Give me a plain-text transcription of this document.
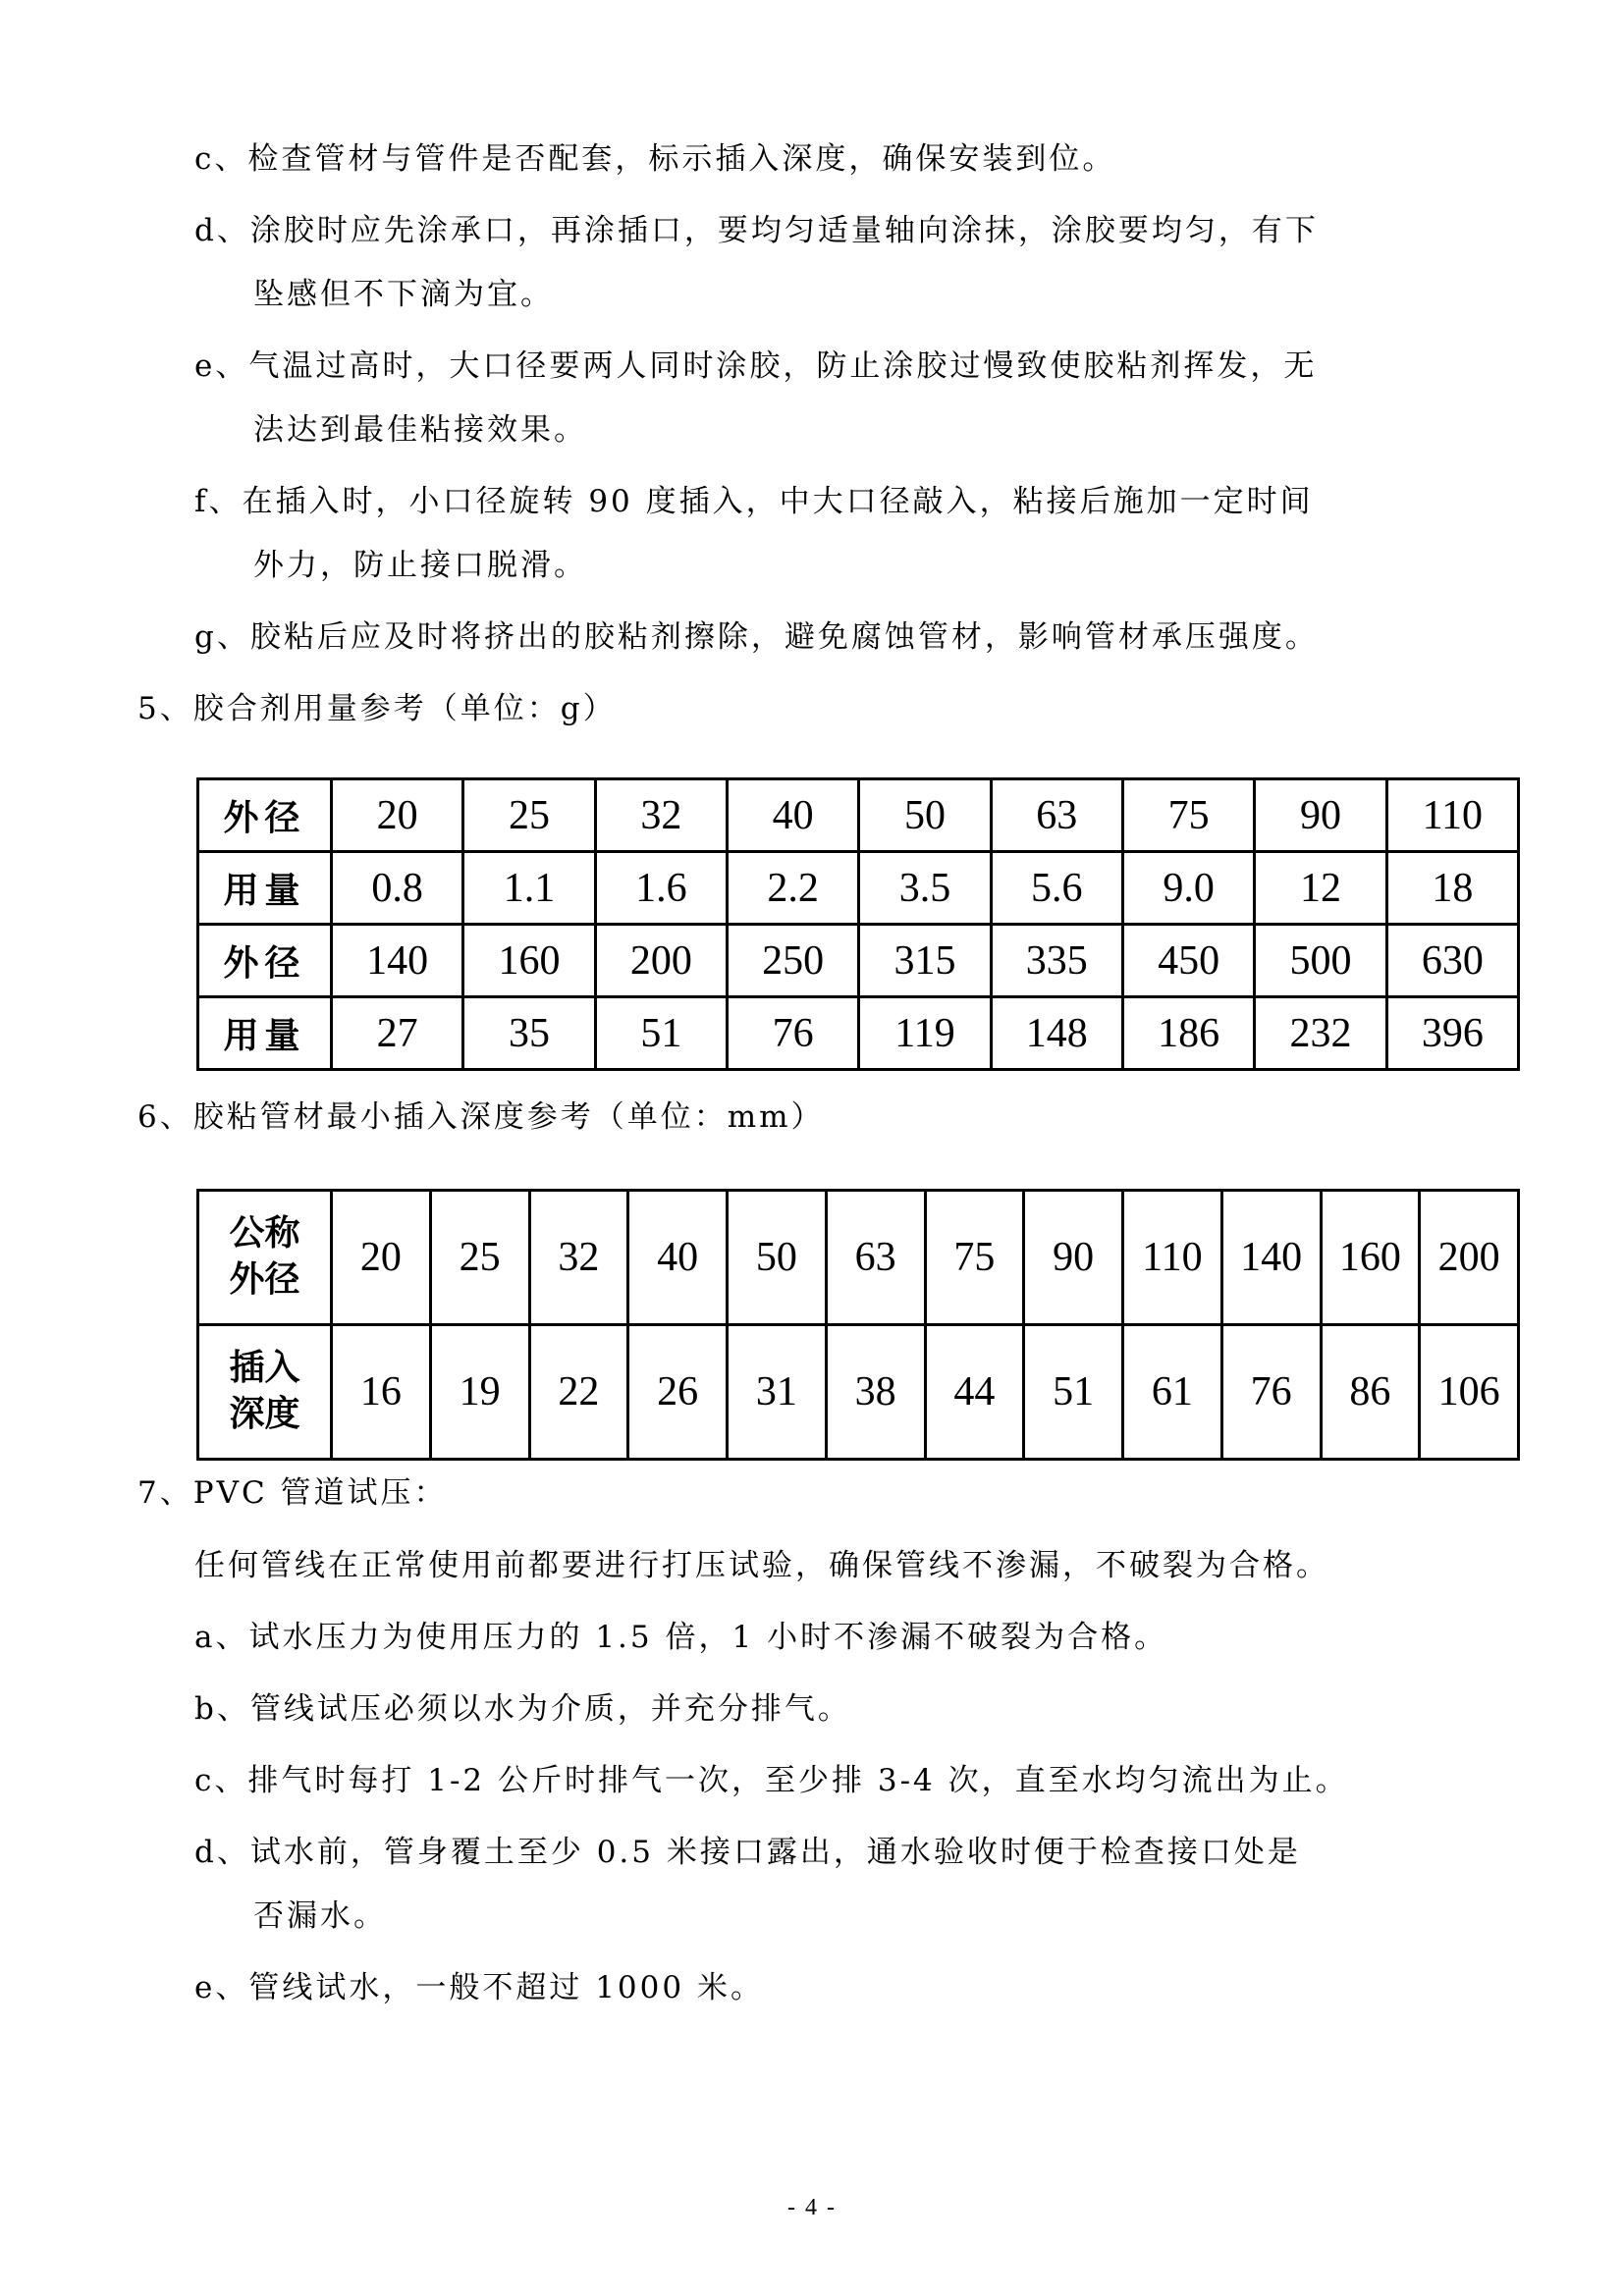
c、检查管材与管件是否配套，标示插入深度，确保安装到位。
d、涂胶时应先涂承口，再涂插口，要均匀适量轴向涂抹，涂胶要均匀，有下
坠感但不下滴为宜。
e、气温过高时，大口径要两人同时涂胶，防止涂胶过慢致使胶粘剂挥发，无
法达到最佳粘接效果。
f、在插入时，小口径旋转 90 度插入，中大口径敲入，粘接后施加一定时间
外力，防止接口脱滑。
g、胶粘后应及时将挤出的胶粘剂擦除，避免腐蚀管材，影响管材承压强度。
5、胶合剂用量参考（单位：g）
外径	20	25	32	40	50	63	75	90	110
用量	0.8	1.1	1.6	2.2	3.5	5.6	9.0	12	18
外径	140	160	200	250	315	335	450	500	630
用量	27	35	51	76	119	148	186	232	396
6、胶粘管材最小插入深度参考（单位：mm）
公称
外径	20	25	32	40	50	63	75	90	110	140	160	200

插入
深度	16	19	22	26	31	38	44	51	61	76	86	106
7、PVC 管道试压：
任何管线在正常使用前都要进行打压试验，确保管线不渗漏，不破裂为合格。
a、试水压力为使用压力的 1.5 倍，1 小时不渗漏不破裂为合格。
b、管线试压必须以水为介质，并充分排气。
c、排气时每打 1-2 公斤时排气一次，至少排 3-4 次，直至水均匀流出为止。
d、试水前，管身覆土至少 0.5 米接口露出，通水验收时便于检查接口处是
否漏水。
e、管线试水，一般不超过 1000 米。
- 4 -
